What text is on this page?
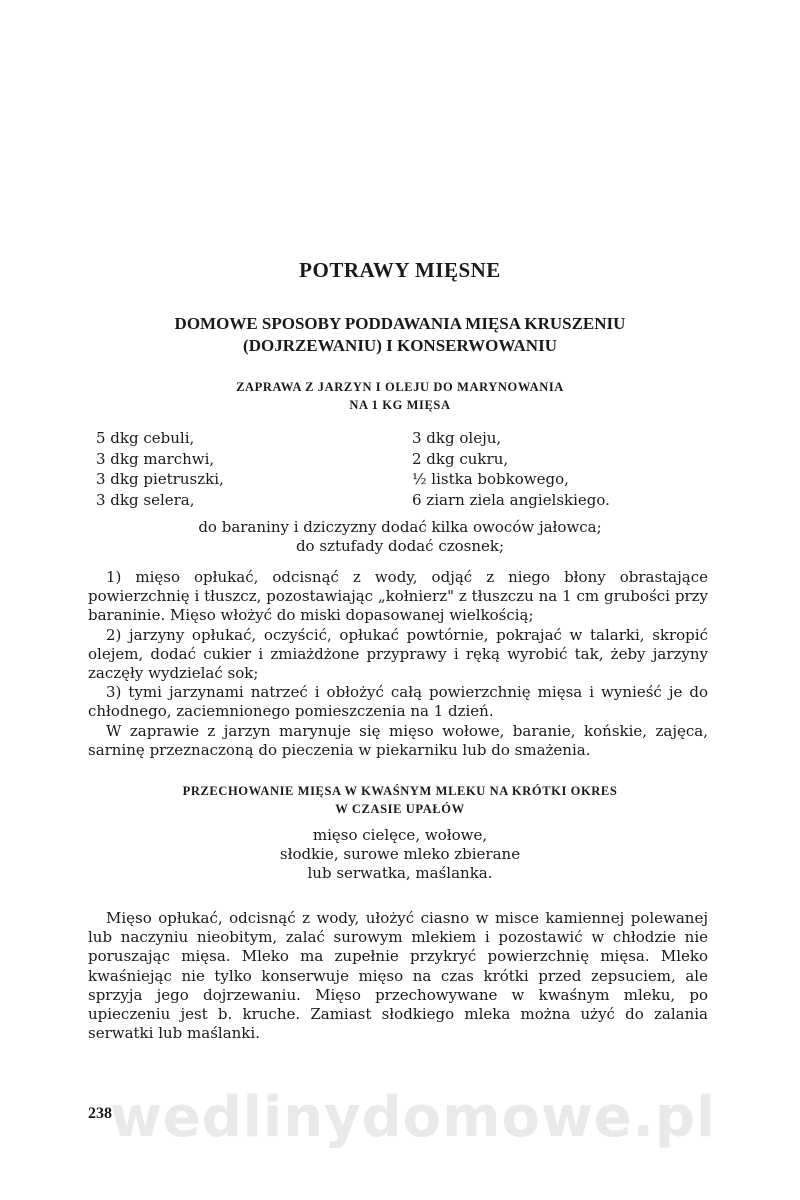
wedlinydomowe.pl
POTRAWY MIĘSNE
DOMOWE SPOSOBY PODDAWANIA MIĘSA KRUSZENIU
(DOJRZEWANIU) I KONSERWOWANIU
ZAPRAWA Z JARZYN I OLEJU DO MARYNOWANIA
NA 1 KG MIĘSA
5 dkg cebuli,
3 dkg marchwi,
3 dkg pietruszki,
3 dkg selera,
3 dkg oleju,
2 dkg cukru,
½ listka bobkowego,
6 ziarn ziela angielskiego.
do baraniny i dziczyzny dodać kilka owoców jałowca;
do sztufady dodać czosnek;

1) mięso opłukać, odcisnąć z wody, odjąć z niego błony obrastające powierzchnię i tłuszcz, pozostawiając „kołnierz" z tłuszczu na 1 cm grubości przy baraninie. Mięso włożyć do miski dopasowanej wielkością;

2) jarzyny opłukać, oczyścić, opłukać powtórnie, pokrajać w talarki, skropić olejem, dodać cukier i zmiażdżone przyprawy i ręką wyrobić tak, żeby jarzyny zaczęły wydzielać sok;

3) tymi jarzynami natrzeć i obłożyć całą powierzchnię mięsa i wynieść je do chłodnego, zaciemnionego pomieszczenia na 1 dzień.

W zaprawie z jarzyn marynuje się mięso wołowe, baranie, końskie, zajęca, sarninę przeznaczoną do pieczenia w piekarniku lub do smażenia.

PRZECHOWANIE MIĘSA W KWAŚNYM MLEKU NA KRÓTKI OKRES
W CZASIE UPAŁÓW
mięso cielęce, wołowe,
słodkie, surowe mleko zbierane
lub serwatka, maślanka.

Mięso opłukać, odcisnąć z wody, ułożyć ciasno w misce kamiennej polewanej lub naczyniu nieobitym, zalać surowym mlekiem i pozostawić w chłodzie nie poruszając mięsa. Mleko ma zupełnie przykryć powierzchnię mięsa. Mleko kwaśniejąc nie tylko konserwuje mięso na czas krótki przed zepsuciem, ale sprzyja jego dojrzewaniu. Mięso przechowywane w kwaśnym mleku, po upieczeniu jest b. kruche. Zamiast słodkiego mleka można użyć do zalania serwatki lub maślanki.

238
